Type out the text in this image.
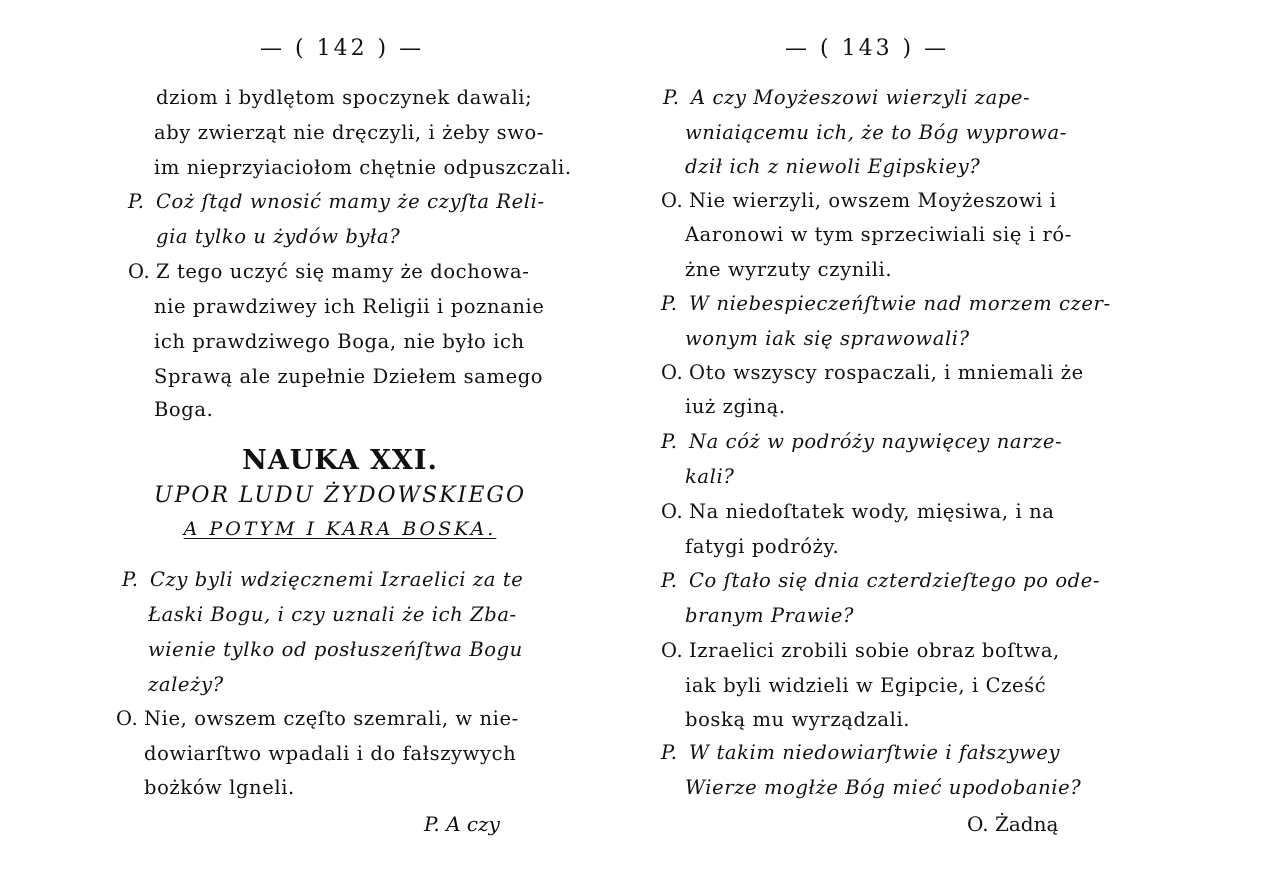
— ( 142 ) —
dziom i bydlętom spoczynek dawali;
aby zwierząt nie dręczyli, i żeby swo-
im nieprzyiaciołom chętnie odpuszczali.
P. Coż ſtąd wnosić mamy że czyſta Reli-
gia tylko u żydów była?
O. Z tego uczyć się mamy że dochowa-
nie prawdziwey ich Religii i poznanie
ich prawdziwego Boga, nie było ich
Sprawą ale zupełnie Dziełem samego
Boga.
NAUKA XXI.
UPOR LUDU ŻYDOWSKIEGO
A POTYM I KARA BOSKA.
P. Czy byli wdzięcznemi Izraelici za te
Łaski Bogu, i czy uznali że ich Zba-
wienie tylko od posłuszeńſtwa Bogu
zależy?
O. Nie, owszem częſto szemrali, w nie-
dowiarſtwo wpadali i do fałszywych
bożków lgneli.
P. A czy
— ( 143 ) —
P. A czy Moyżeszowi wierzyli zape-
wniaiącemu ich, że to Bóg wyprowa-
dził ich z niewoli Egipskiey?
O. Nie wierzyli, owszem Moyżeszowi i
Aaronowi w tym sprzeciwiali się i ró-
żne wyrzuty czynili.
P. W niebespieczeńſtwie nad morzem czer-
wonym iak się sprawowali?
O. Oto wszyscy rospaczali, i mniemali że
iuż zginą.
P. Na cóż w podróży naywięcey narze-
kali?
O. Na niedoſtatek wody, mięsiwa, i na
fatygi podróży.
P. Co ſtało się dnia czterdzieſtego po ode-
branym Prawie?
O. Izraelici zrobili sobie obraz boſtwa,
iak byli widzieli w Egipcie, i Cześć
boską mu wyrządzali.
P. W takim niedowiarſtwie i fałszywey
Wierze mogłże Bóg mieć upodobanie?
O. Żadną
